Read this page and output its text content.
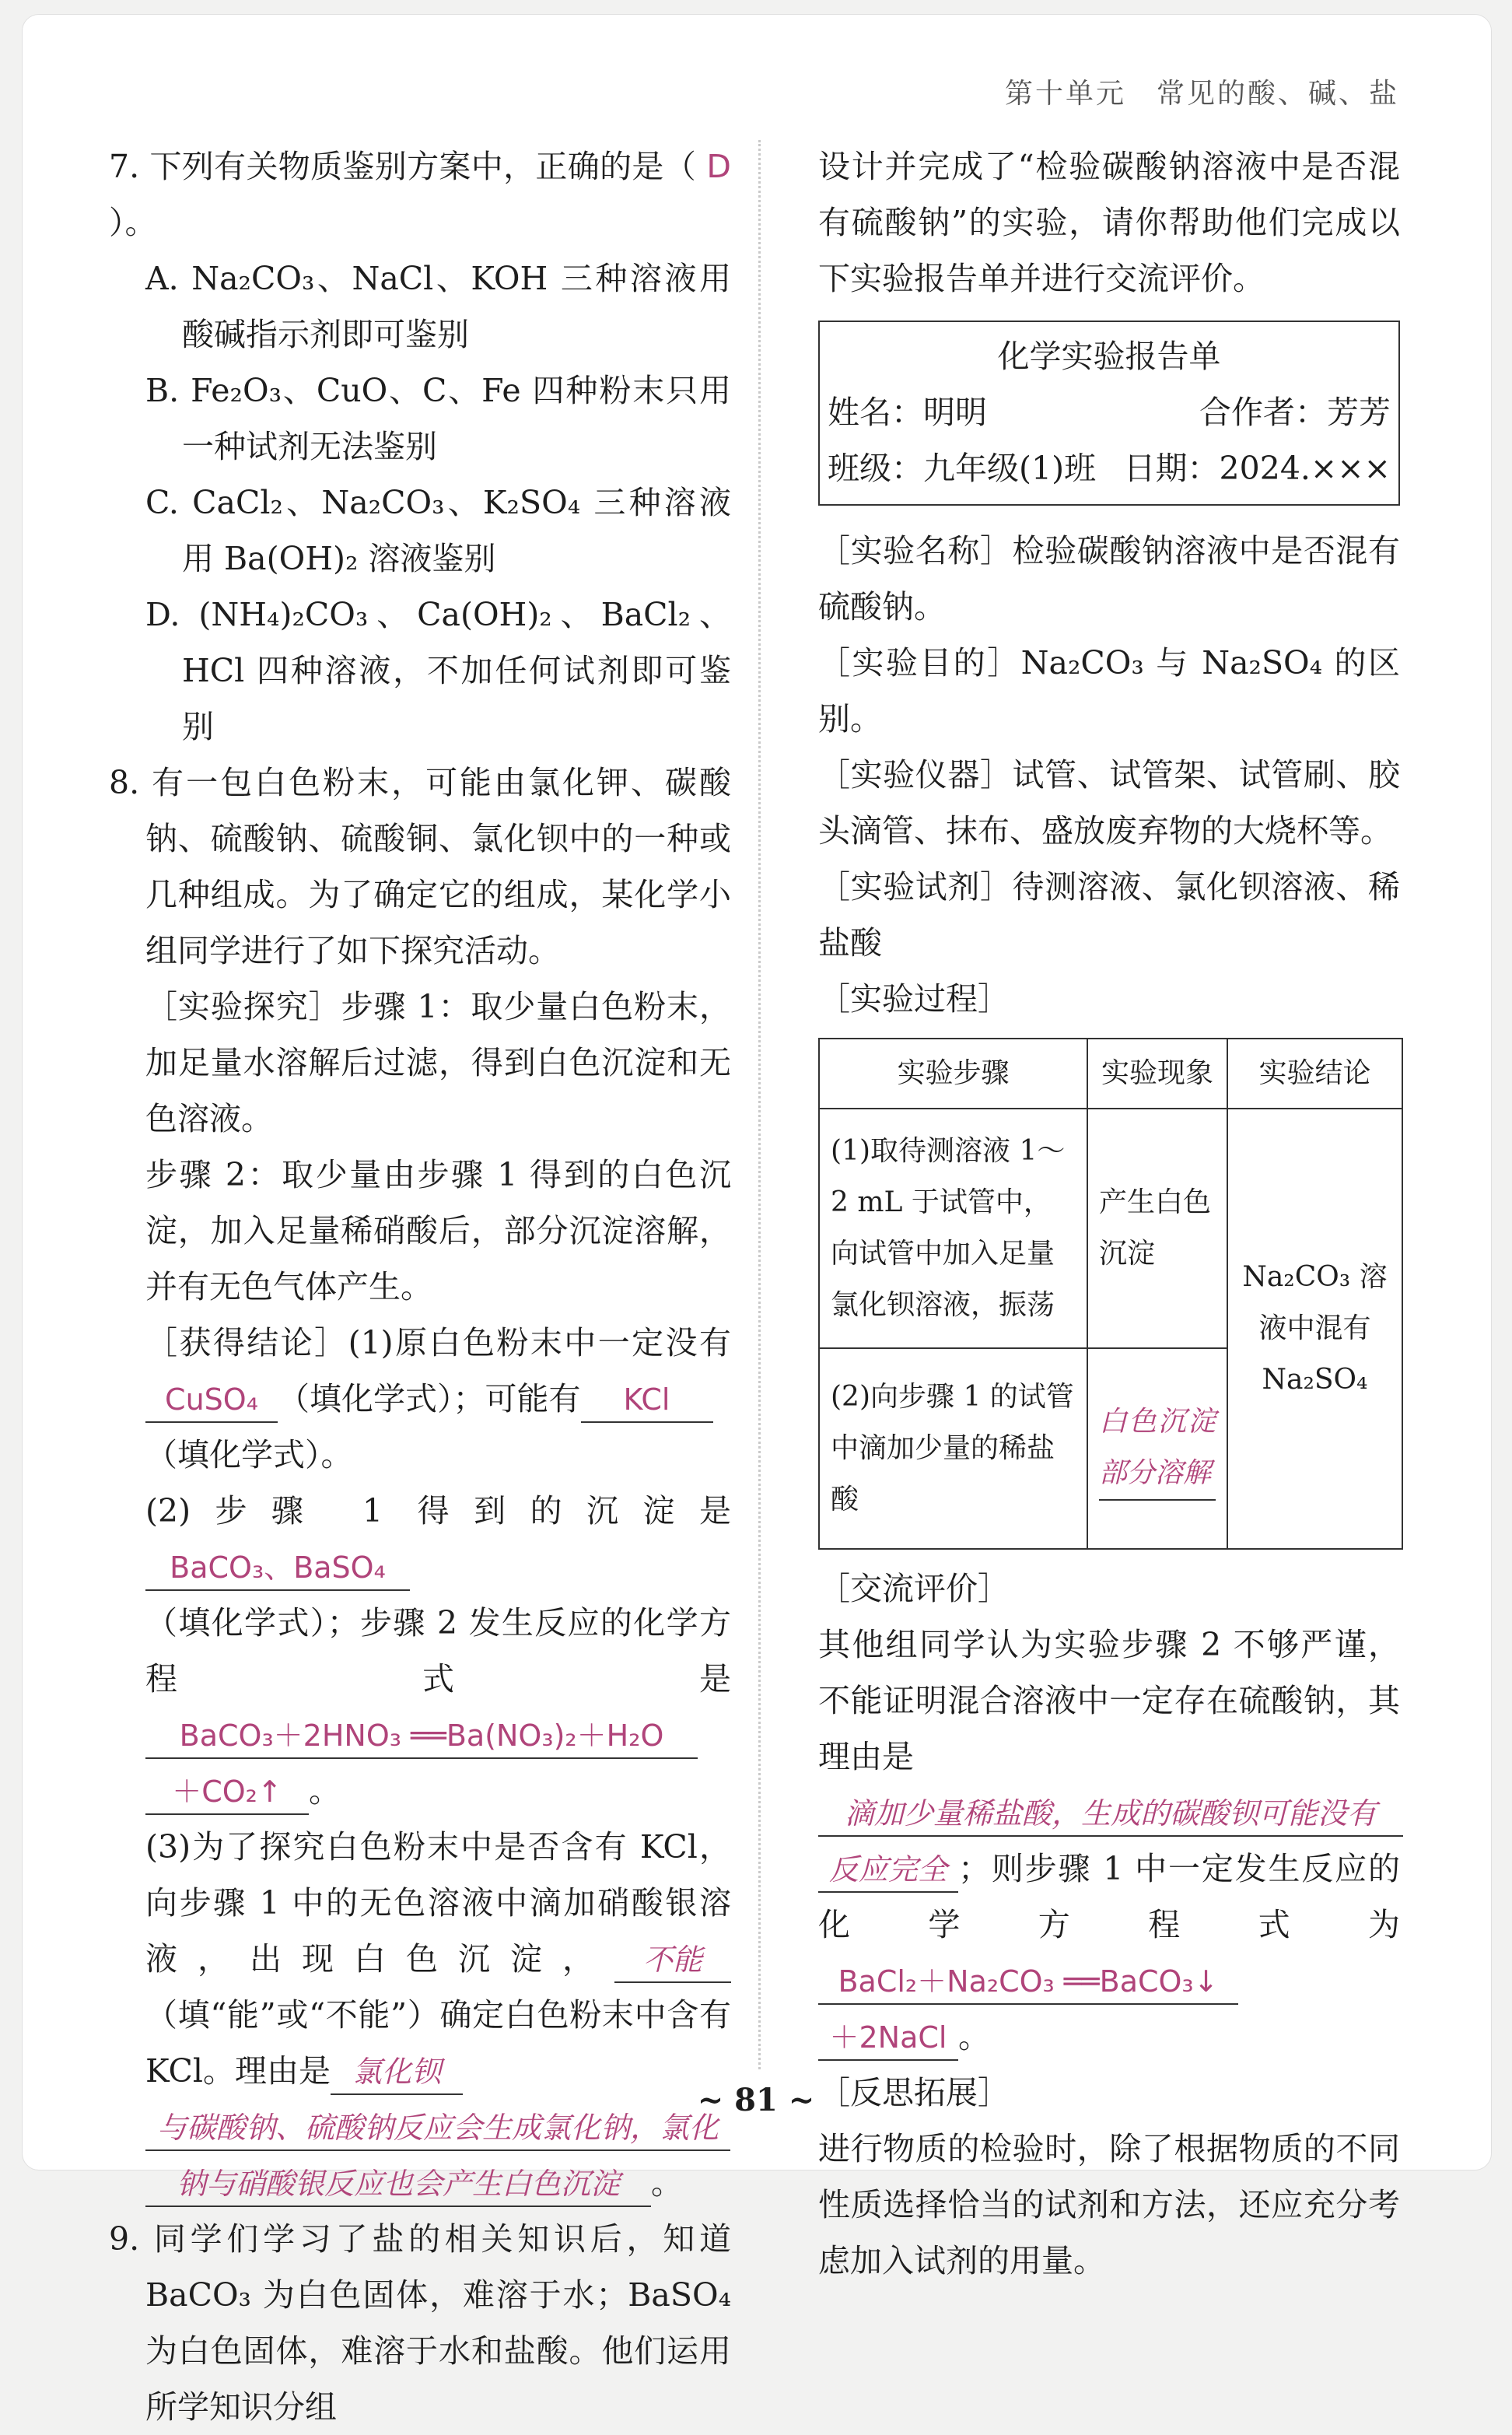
第十单元　常见的酸、碱、盐

7. 下列有关物质鉴别方案中，正确的是（ D ）。

A. Na₂CO₃、NaCl、KOH 三种溶液用酸碱指示剂即可鉴别

B. Fe₂O₃、CuO、C、Fe 四种粉末只用一种试剂无法鉴别

C. CaCl₂、Na₂CO₃、K₂SO₄ 三种溶液用 Ba(OH)₂ 溶液鉴别

D. (NH₄)₂CO₃、Ca(OH)₂、BaCl₂、HCl 四种溶液，不加任何试剂即可鉴别

8. 有一包白色粉末，可能由氯化钾、碳酸钠、硫酸钠、硫酸铜、氯化钡中的一种或几种组成。为了确定它的组成，某化学小组同学进行了如下探究活动。

［实验探究］步骤 1：取少量白色粉末，加足量水溶解后过滤，得到白色沉淀和无色溶液。

步骤 2：取少量由步骤 1 得到的白色沉淀，加入足量稀硝酸后，部分沉淀溶解，并有无色气体产生。

［获得结论］(1)原白色粉末中一定没有 CuSO₄ （填化学式）；可能有 KCl
（填化学式）。

(2)步骤 1 得到的沉淀是BaCO₃、BaSO₄
（填化学式）；步骤 2 发生反应的化学方程式是BaCO₃＋2HNO₃ ══Ba(NO₃)₂＋H₂O
＋CO₂↑ 。

(3)为了探究白色粉末中是否含有 KCl，向步骤 1 中的无色溶液中滴加硝酸银溶液，出现白色沉淀， 不能（填“能”或“不能”）确定白色粉末中含有 KCl。理由是 氯化钡
与碳酸钠、硫酸钠反应会生成氯化钠，氯化
钠与硝酸银反应也会产生白色沉淀 。

9. 同学们学习了盐的相关知识后，知道 BaCO₃ 为白色固体，难溶于水；BaSO₄ 为白色固体，难溶于水和盐酸。他们运用所学知识分组

设计并完成了“检验碳酸钠溶液中是否混有硫酸钠”的实验，请你帮助他们完成以下实验报告单并进行交流评价。

化学实验报告单

姓名：明明	合作者：芳芳
班级：九年级(1)班 日期：2024.×××

［实验名称］检验碳酸钠溶液中是否混有硫酸钠。

［实验目的］Na₂CO₃ 与 Na₂SO₄ 的区别。

［实验仪器］试管、试管架、试管刷、胶头滴管、抹布、盛放废弃物的大烧杯等。

［实验试剂］待测溶液、氯化钡溶液、稀盐酸

［实验过程］

实验步骤	实验现象	实验结论
(1)取待测溶液 1～2 mL 于试管中，向试管中加入足量氯化钡溶液，振荡	产生白色沉淀	Na₂CO₃ 溶液中混有 Na₂SO₄
(2)向步骤 1 的试管中滴加少量的稀盐酸	白色沉淀部分溶解	

［交流评价］

其他组同学认为实验步骤 2 不够严谨，不能证明混合溶液中一定存在硫酸钠，其理由是
滴加少量稀盐酸，生成的碳酸钡可能没有
反应完全 ；则步骤 1 中一定发生反应的化学方程式为BaCl₂＋Na₂CO₃ ══BaCO₃↓
＋2NaCl 。

［反思拓展］

进行物质的检验时，除了根据物质的不同性质选择恰当的试剂和方法，还应充分考虑加入试剂的用量。

~ 81 ~
